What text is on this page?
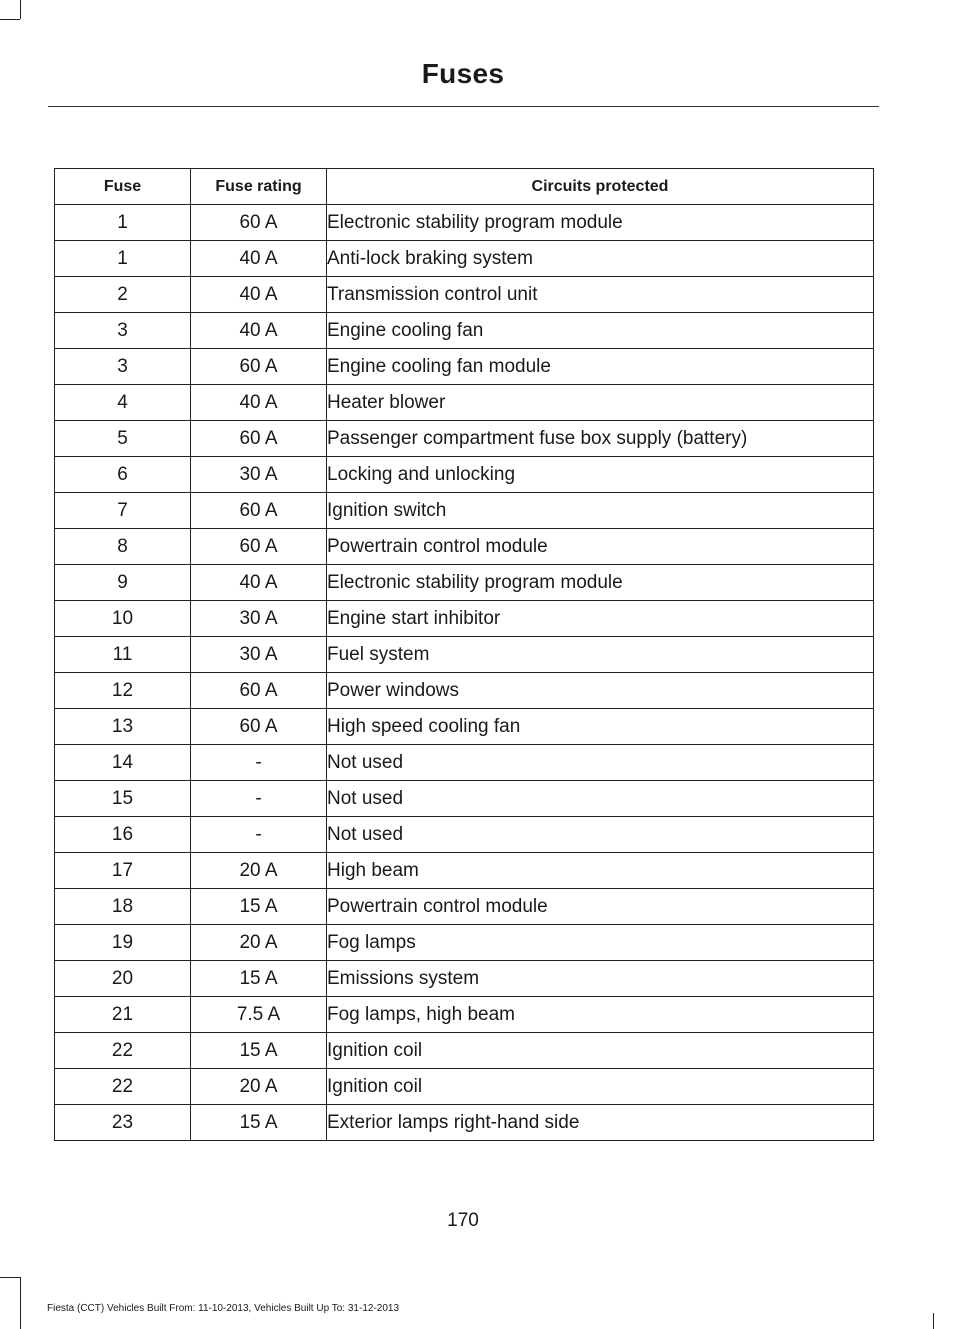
Fuses
Fuse	Fuse rating	Circuits protected
1	60 A	Electronic stability program module
1	40 A	Anti-lock braking system
2	40 A	Transmission control unit
3	40 A	Engine cooling fan
3	60 A	Engine cooling fan module
4	40 A	Heater blower
5	60 A	Passenger compartment fuse box supply (battery)
6	30 A	Locking and unlocking
7	60 A	Ignition switch
8	60 A	Powertrain control module
9	40 A	Electronic stability program module
10	30 A	Engine start inhibitor
11	30 A	Fuel system
12	60 A	Power windows
13	60 A	High speed cooling fan
14	-	Not used
15	-	Not used
16	-	Not used
17	20 A	High beam
18	15 A	Powertrain control module
19	20 A	Fog lamps
20	15 A	Emissions system
21	7.5 A	Fog lamps, high beam
22	15 A	Ignition coil
22	20 A	Ignition coil
23	15 A	Exterior lamps right-hand side
170
Fiesta (CCT) Vehicles Built From: 11-10-2013, Vehicles Built Up To: 31-12-2013
